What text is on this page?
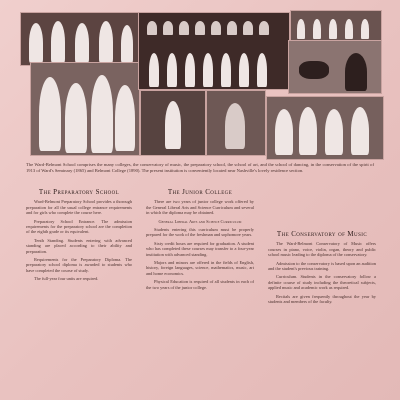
The Ward-Belmont School comprises the many colleges, the conservatory of music, the preparatory school, the school of art, and the school of dancing, in the conservation of the spirit of 1913 of Ward's Seminary (1865) and Belmont College (1890). The present institution is conveniently located near Nashville's lovely residence section.
The Preparatory School

Ward-Belmont Preparatory School provides a thorough preparation for all the usual college entrance requirements and for girls who complete the course here.

Preparatory School Entrance. The admission requirements for the preparatory school are the completion of the eighth grade or its equivalent.

Tenth Standing. Students entering with advanced standing are placed according to their ability and preparation.

Requirements for the Preparatory Diploma. The preparatory school diploma is awarded to students who have completed the course of study.

The full-year four units are required.

The Junior College

There are two years of junior college work offered by the General Liberal Arts and Science Curriculum and several in which the diploma may be obtained.

General Liberal Arts and Science Curriculum

Students entering this curriculum must be properly prepared for the work of the freshman and sophomore years.

Sixty credit hours are required for graduation. A student who has completed these courses may transfer to a four-year institution with advanced standing.

Majors and minors are offered in the fields of English, history, foreign languages, science, mathematics, music, art and home economics.

Physical Education is required of all students in each of the two years of the junior college.

The Conservatory of Music

The Ward-Belmont Conservatory of Music offers courses in piano, voice, violin, organ, theory and public school music leading to the diploma of the conservatory.

Admission to the conservatory is based upon an audition and the student's previous training.

Curriculum. Students in the conservatory follow a definite course of study including the theoretical subjects, applied music and academic work as required.

Recitals are given frequently throughout the year by students and members of the faculty.
